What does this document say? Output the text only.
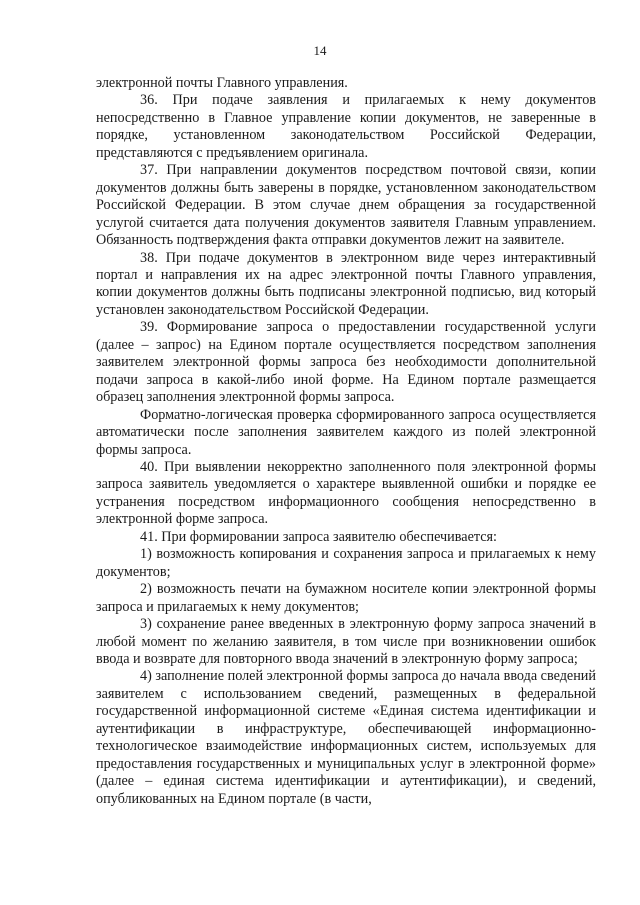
14

электронной почты Главного управления.

36. При подаче заявления и прилагаемых к нему документов непосредственно в Главное управление копии документов, не заверенные в порядке, установленном законодательством Российской Федерации, представляются с предъявлением оригинала.

37. При направлении документов посредством почтовой связи, копии документов должны быть заверены в порядке, установленном законодательством Российской Федерации. В этом случае днем обращения за государственной услугой считается дата получения документов заявителя Главным управлением. Обязанность подтверждения факта отправки документов лежит на заявителе.

38. При подаче документов в электронном виде через интерактивный портал и направления их на адрес электронной почты Главного управления, копии документов должны быть подписаны электронной подписью, вид который установлен законодательством Российской Федерации.

39. Формирование запроса о предоставлении государственной услуги (далее – запрос) на Едином портале осуществляется посредством заполнения заявителем электронной формы запроса без необходимости дополнительной подачи запроса в какой-либо иной форме. На Едином портале размещается образец заполнения электронной формы запроса.

Форматно-логическая проверка сформированного запроса осуществляется автоматически после заполнения заявителем каждого из полей электронной формы запроса.

40. При выявлении некорректно заполненного поля электронной формы запроса заявитель уведомляется о характере выявленной ошибки и порядке ее устранения посредством информационного сообщения непосредственно в электронной форме запроса.

41. При формировании запроса заявителю обеспечивается:

1) возможность копирования и сохранения запроса и прилагаемых к нему документов;

2) возможность печати на бумажном носителе копии электронной формы запроса и прилагаемых к нему документов;

3) сохранение ранее введенных в электронную форму запроса значений в любой момент по желанию заявителя, в том числе при возникновении ошибок ввода и возврате для повторного ввода значений в электронную форму запроса;

4) заполнение полей электронной формы запроса до начала ввода сведений заявителем с использованием сведений, размещенных в федеральной государственной информационной системе «Единая система идентификации и аутентификации в инфраструктуре, обеспечивающей информационно-технологическое взаимодействие информационных систем, используемых для предоставления государственных и муниципальных услуг в электронной форме» (далее – единая система идентификации и аутентификации), и сведений, опубликованных на Едином портале (в части,
